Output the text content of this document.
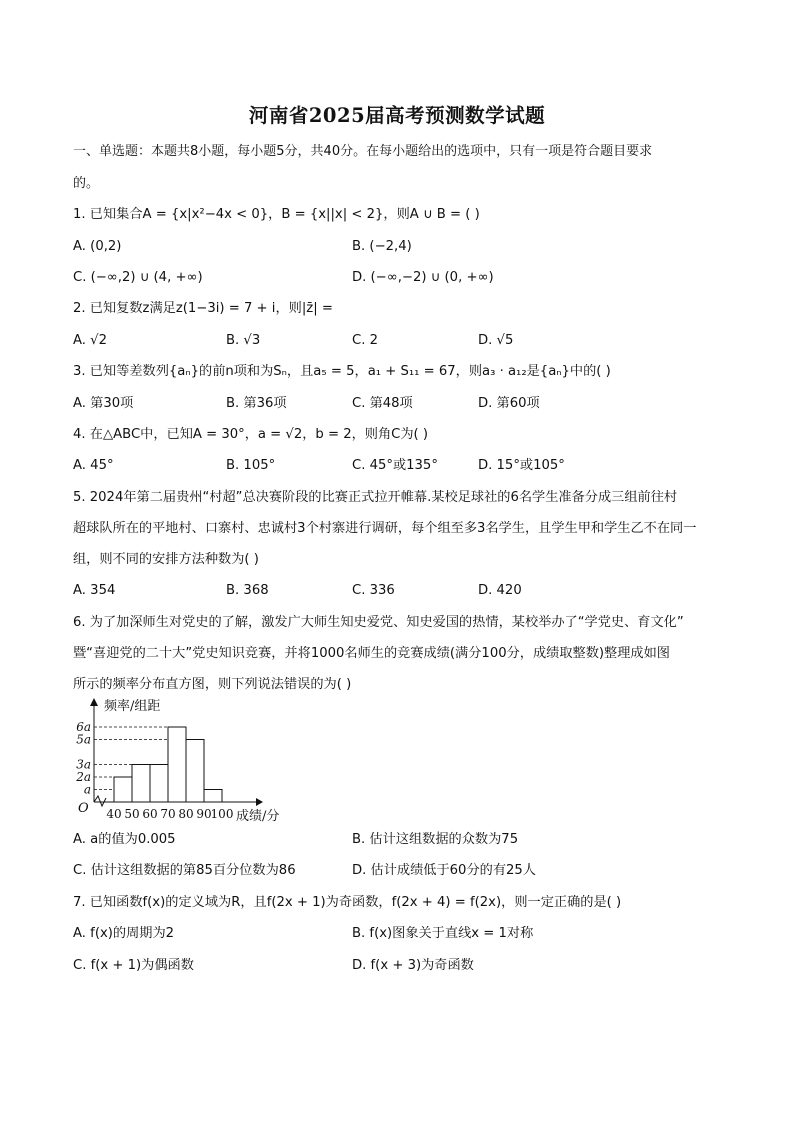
河南省2025届高考预测数学试题
一、单选题：本题共8小题，每小题5分，共40分。在每小题给出的选项中，只有一项是符合题目要求
的。
1. 已知集合A = {x|x²−4x < 0}，B = {x||x| < 2}，则A ∪ B = ( )
A. (0,2)	B. (−2,4)
C. (−∞,2) ∪ (4, +∞)	D. (−∞,−2) ∪ (0, +∞)
2. 已知复数z满足z(1−3i) = 7 + i，则|z̄| =
A. √2	B. √3	C. 2	D. √5
3. 已知等差数列{aₙ}的前n项和为Sₙ，且a₅ = 5，a₁ + S₁₁ = 67，则a₃ · a₁₂是{aₙ}中的( )
A. 第30项	B. 第36项	C. 第48项	D. 第60项
4. 在△ABC中，已知A = 30°，a = √2，b = 2，则角C为( )
A. 45°	B. 105°	C. 45°或135°	D. 15°或105°
5. 2024年第二届贵州“村超”总决赛阶段的比赛正式拉开帷幕.某校足球社的6名学生准备分成三组前往村
超球队所在的平地村、口寨村、忠诚村3个村寨进行调研，每个组至多3名学生，且学生甲和学生乙不在同一
组，则不同的安排方法种数为( )
A. 354	B. 368	C. 336	D. 420
6. 为了加深师生对党史的了解，激发广大师生知史爱党、知史爱国的热情，某校举办了“学党史、育文化”
暨“喜迎党的二十大”党史知识竞赛，并将1000名师生的竞赛成绩(满分100分，成绩取整数)整理成如图
所示的频率分布直方图，则下列说法错误的为( )
a
2a
3a
5a
6a
40 50 60 70 80 90
100
频率/组距
成绩/分
O
A. a的值为0.005	B. 估计这组数据的众数为75
C. 估计这组数据的第85百分位数为86	D. 估计成绩低于60分的有25人
7. 已知函数f(x)的定义域为R，且f(2x + 1)为奇函数，f(2x + 4) = f(2x)，则一定正确的是( )
A. f(x)的周期为2	B. f(x)图象关于直线x = 1对称
C. f(x + 1)为偶函数	D. f(x + 3)为奇函数
